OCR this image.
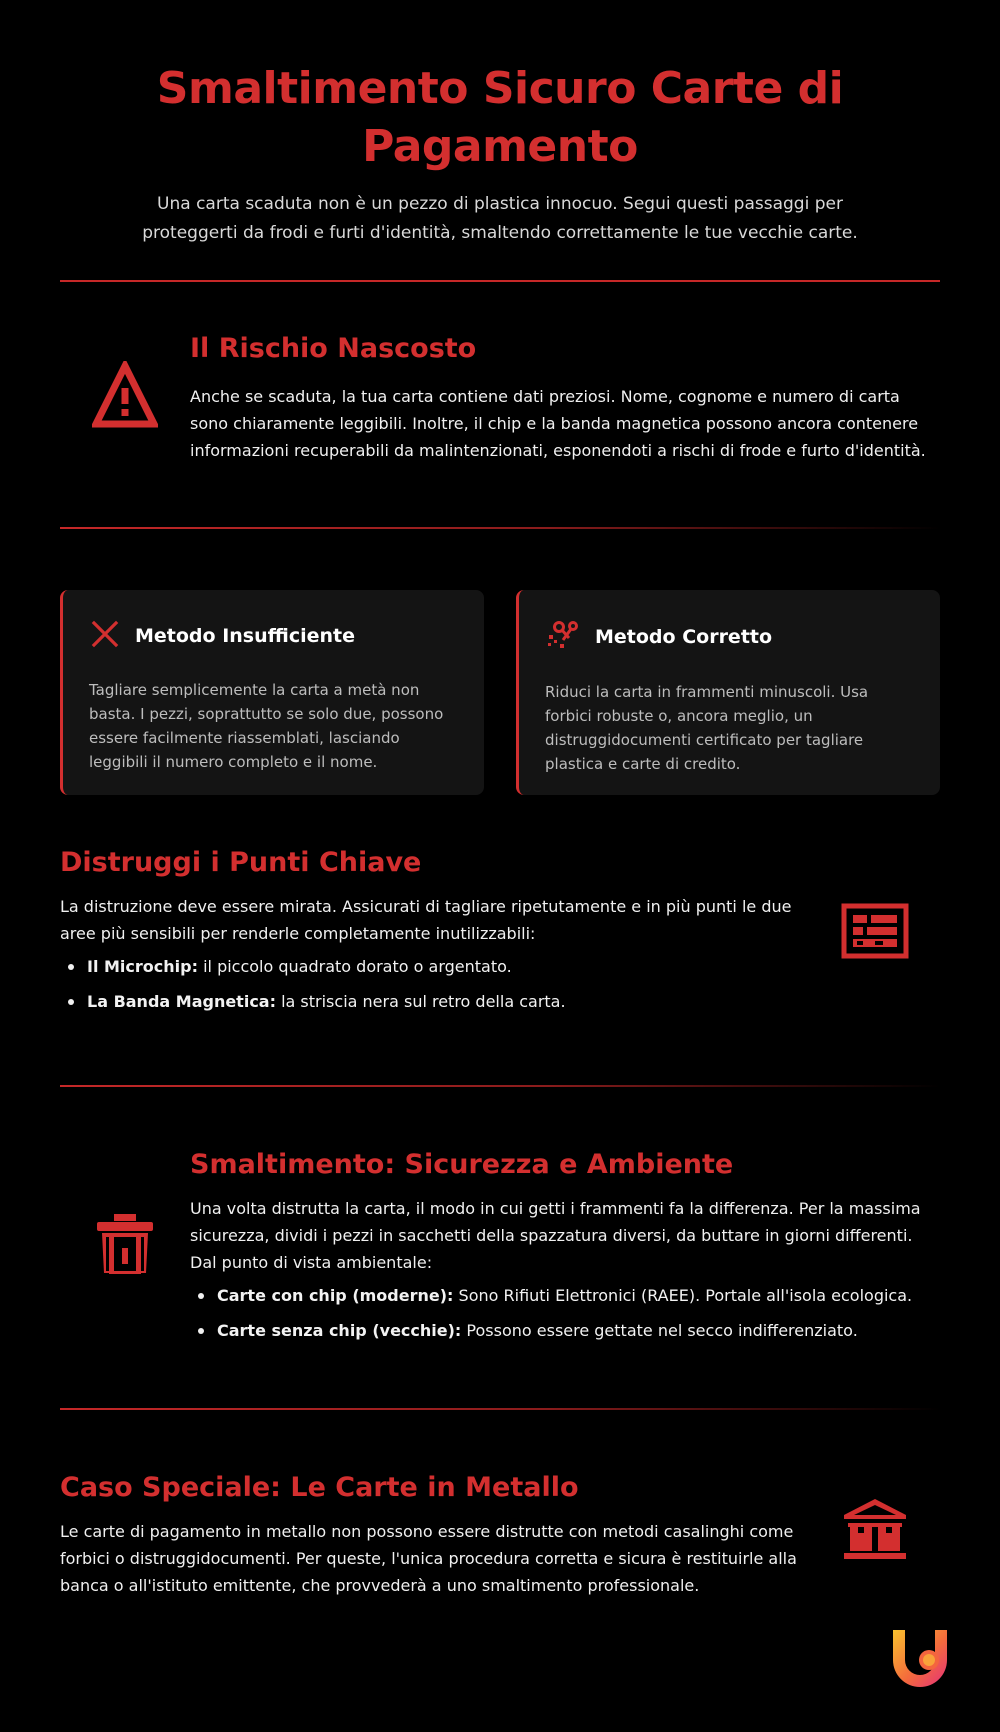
Smaltimento Sicuro Carte di Pagamento

Una carta scaduta non è un pezzo di plastica innocuo. Segui questi passaggi per proteggerti da frodi e furti d'identità, smaltendo correttamente le tue vecchie carte.

Il Rischio Nascosto

Anche se scaduta, la tua carta contiene dati preziosi. Nome, cognome e numero di carta sono chiaramente leggibili. Inoltre, il chip e la banda magnetica possono ancora contenere informazioni recuperabili da malintenzionati, esponendoti a rischi di frode e furto d'identità.

Metodo Insufficiente

Tagliare semplicemente la carta a metà non basta. I pezzi, soprattutto se solo due, possono essere facilmente riassemblati, lasciando leggibili il numero completo e il nome.

Metodo Corretto

Riduci la carta in frammenti minuscoli. Usa forbici robuste o, ancora meglio, un distruggidocumenti certificato per tagliare plastica e carte di credito.

Distruggi i Punti Chiave

La distruzione deve essere mirata. Assicurati di tagliare ripetutamente e in più punti le due aree più sensibili per renderle completamente inutilizzabili:

Il Microchip: il piccolo quadrato dorato o argentato.
La Banda Magnetica: la striscia nera sul retro della carta.
Smaltimento: Sicurezza e Ambiente

Una volta distrutta la carta, il modo in cui getti i frammenti fa la differenza. Per la massima sicurezza, dividi i pezzi in sacchetti della spazzatura diversi, da buttare in giorni differenti. Dal punto di vista ambientale:

Carte con chip (moderne): Sono Rifiuti Elettronici (RAEE). Portale all'isola ecologica.
Carte senza chip (vecchie): Possono essere gettate nel secco indifferenziato.
Caso Speciale: Le Carte in Metallo

Le carte di pagamento in metallo non possono essere distrutte con metodi casalinghi come forbici o distruggidocumenti. Per queste, l'unica procedura corretta e sicura è restituirle alla banca o all'istituto emittente, che provvederà a uno smaltimento professionale.
